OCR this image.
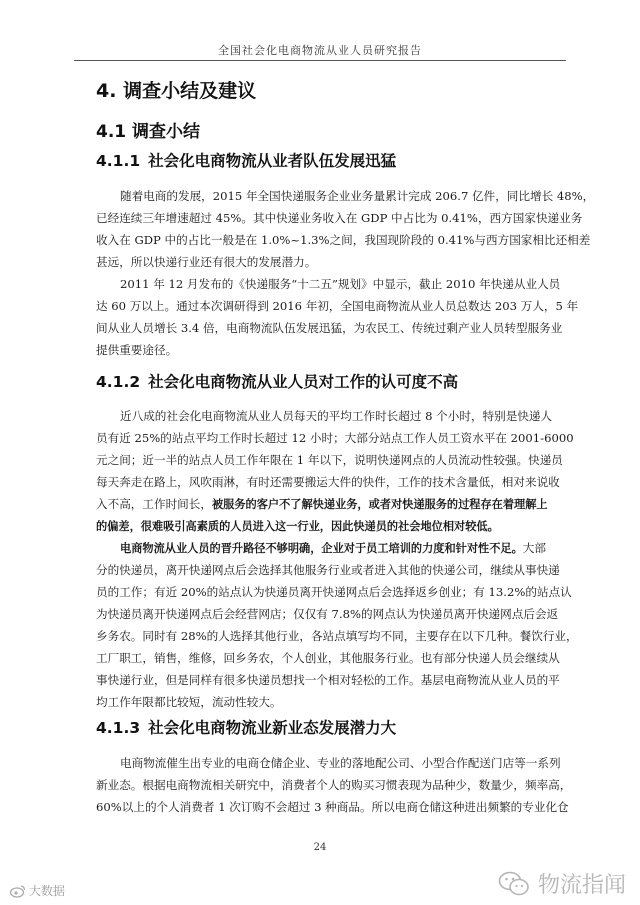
全国社会化电商物流从业人员研究报告
4. 调查小结及建议
4.1 调查小结
4.1.1 社会化电商物流从业者队伍发展迅猛
随着电商的发展，2015 年全国快递服务企业业务量累计完成 206.7 亿件，同比增长 48%，
已经连续三年增速超过 45%。其中快递业务收入在 GDP 中占比为 0.41%，西方国家快递业务
收入在 GDP 中的占比一般是在 1.0%~1.3%之间，我国现阶段的 0.41%与西方国家相比还相差
甚远，所以快递行业还有很大的发展潜力。
2011 年 12 月发布的《快递服务“十二五”规划》中显示，截止 2010 年快递从业人员
达 60 万以上。通过本次调研得到 2016 年初，全国电商物流从业人员总数达 203 万人，5 年
间从业人员增长 3.4 倍，电商物流队伍发展迅猛，为农民工、传统过剩产业人员转型服务业
提供重要途径。
4.1.2 社会化电商物流从业人员对工作的认可度不高
近八成的社会化电商物流从业人员每天的平均工作时长超过 8 个小时，特别是快递人
员有近 25%的站点平均工作时长超过 12 小时；大部分站点工作人员工资水平在 2001-6000
元之间；近一半的站点人员工作年限在 1 年以下，说明快递网点的人员流动性较强。快递员
每天奔走在路上，风吹雨淋，有时还需要搬运大件的快件，工作的技术含量低，相对来说收
入不高，工作时间长，被服务的客户不了解快递业务，或者对快递服务的过程存在着理解上
的偏差，很难吸引高素质的人员进入这一行业，因此快递员的社会地位相对较低。
电商物流从业人员的晋升路径不够明确，企业对于员工培训的力度和针对性不足。大部
分的快递员，离开快递网点后会选择其他服务行业或者进入其他的快递公司，继续从事快递
员的工作；有近 20%的站点认为快递员离开快递网点后会选择返乡创业；有 13.2%的站点认
为快递员离开快递网点后会经营网店；仅仅有 7.8%的网点认为快递员离开快递网点后会返
乡务农。同时有 28%的人选择其他行业，各站点填写均不同，主要存在以下几种。餐饮行业，
工厂职工，销售，维修，回乡务农，个人创业，其他服务行业。也有部分快递人员会继续从
事快递行业，但是同样有很多快递员想找一个相对轻松的工作。基层电商物流从业人员的平
均工作年限都比较短，流动性较大。
4.1.3 社会化电商物流业新业态发展潜力大
电商物流催生出专业的电商仓储企业、专业的落地配公司、小型合作配送门店等一系列
新业态。根据电商物流相关研究中，消费者个人的购买习惯表现为品种少，数量少，频率高，
60%以上的个人消费者 1 次订购不会超过 3 种商品。所以电商仓储这种进出频繁的专业化仓
24
大数据	物流指闻
